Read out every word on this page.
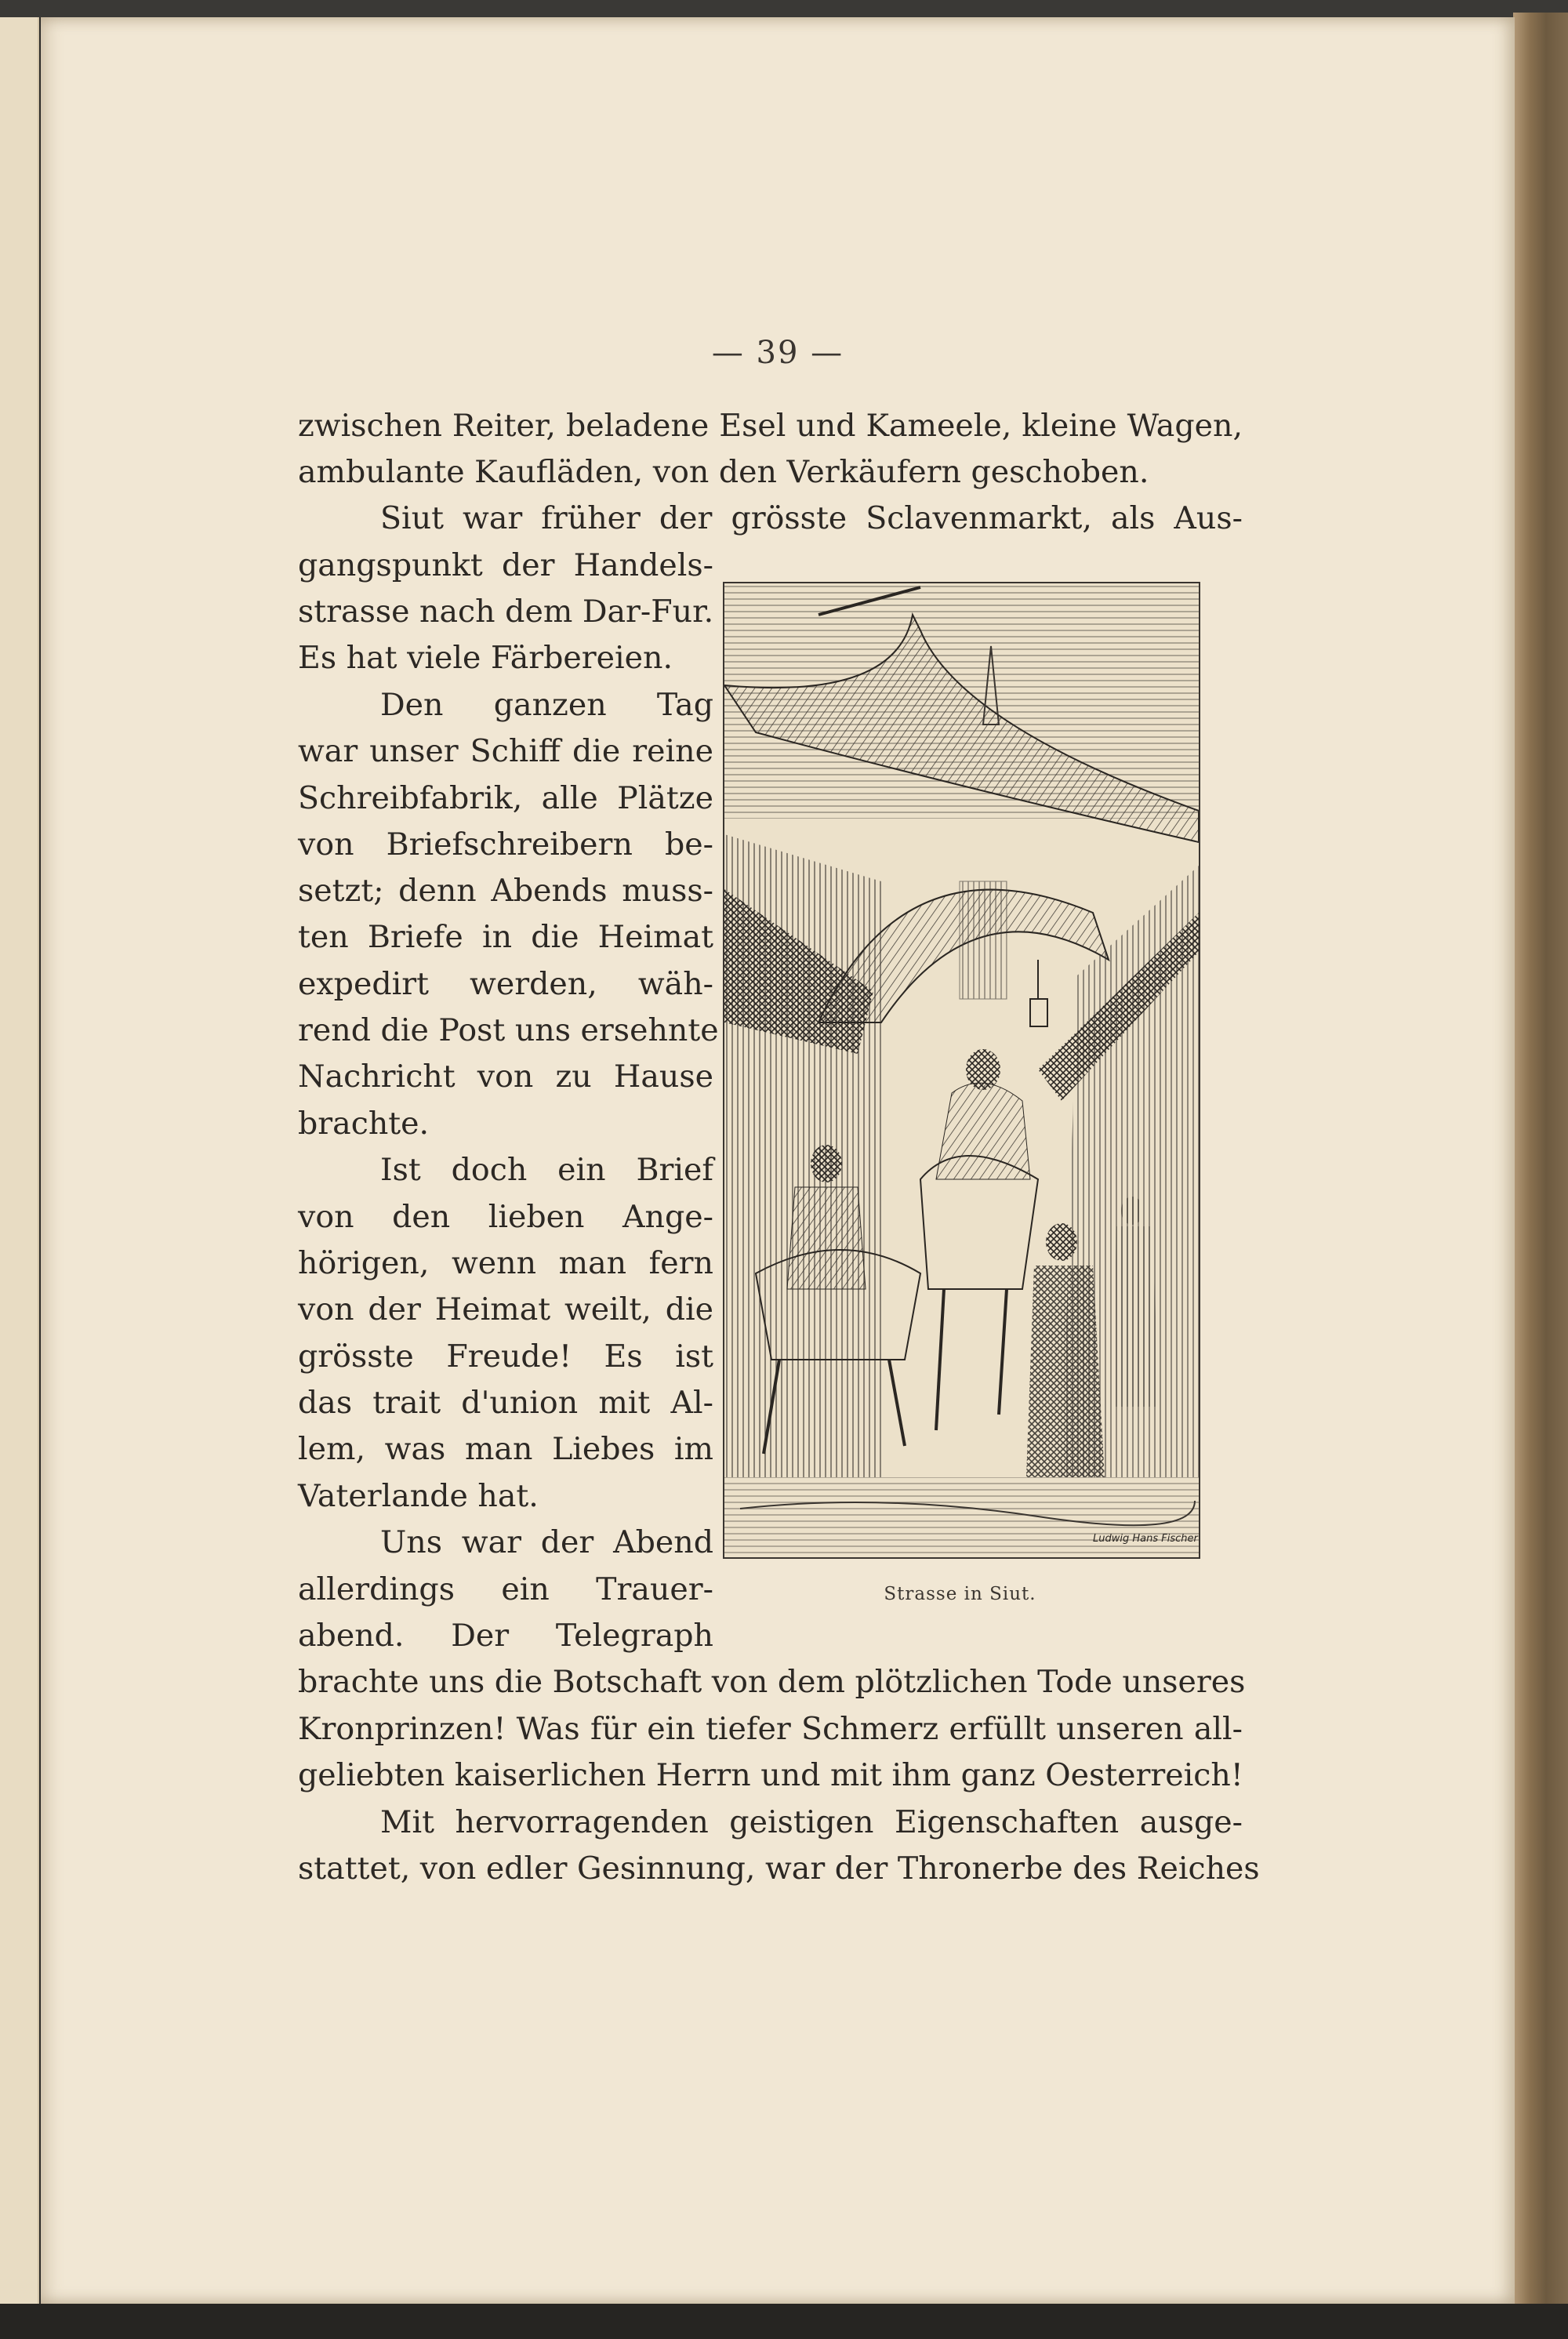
— 39 —
zwischen Reiter, beladene Esel und Kameele, kleine Wagen,
ambulante Kaufläden, von den Verkäufern geschoben.
Siut war früher der grösste Sclavenmarkt, als Aus-
gangspunkt der Handels-
strasse nach dem Dar-Fur.
Es hat viele Färbereien.
Den ganzen Tag
war unser Schiff die reine
Schreibfabrik, alle Plätze
von Briefschreibern be-
setzt; denn Abends muss-
ten Briefe in die Heimat
expedirt werden, wäh-
rend die Post uns ersehnte
Nachricht von zu Hause
brachte.
Ist doch ein Brief
von den lieben Ange-
hörigen, wenn man fern
von der Heimat weilt, die
grösste Freude! Es ist
das trait d'union mit Al-
lem, was man Liebes im
Vaterlande hat.
Uns war der Abend
allerdings ein Trauer-
abend. Der Telegraph
brachte uns die Botschaft von dem plötzlichen Tode unseres
Kronprinzen! Was für ein tiefer Schmerz erfüllt unseren all-
geliebten kaiserlichen Herrn und mit ihm ganz Oesterreich!
Mit hervorragenden geistigen Eigenschaften ausge-
stattet, von edler Gesinnung, war der Thronerbe des Reiches
Ludwig Hans Fischer
Strasse in Siut.
